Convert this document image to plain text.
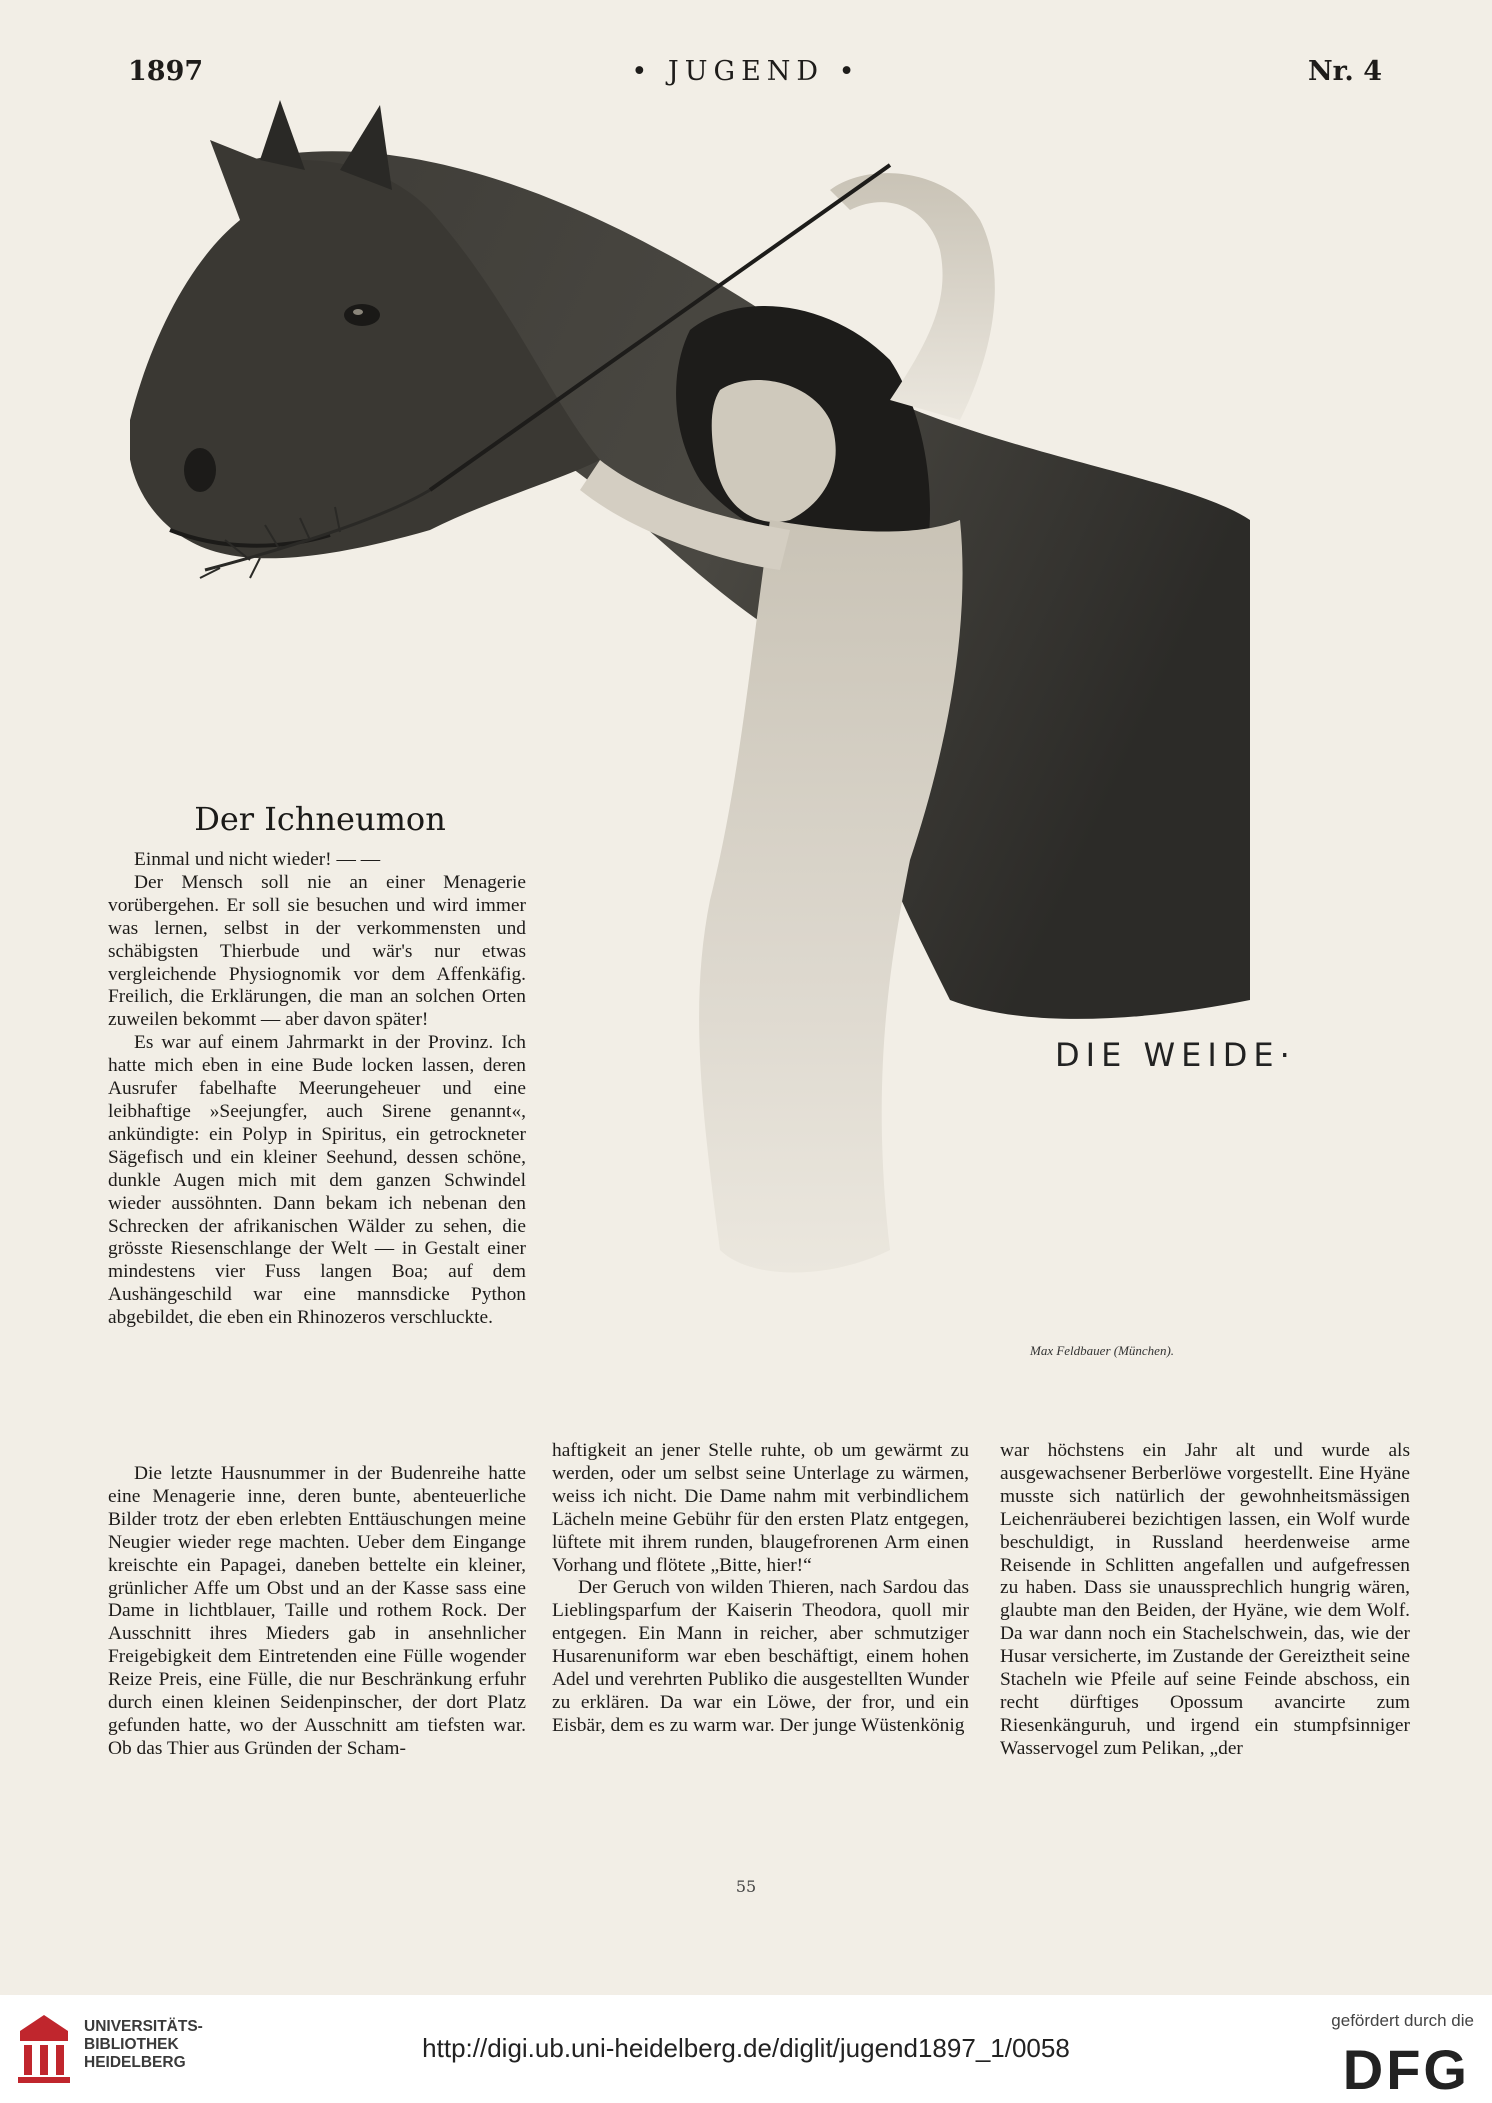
1897	• JUGEND •	Nr. 4
DIE WEIDE·
Max Feldbauer (München).
Der Ichneumon

Einmal und nicht wieder! — —

Der Mensch soll nie an einer Menagerie vorübergehen. Er soll sie besuchen und wird immer was lernen, selbst in der verkommensten und schäbigsten Thierbude und wär's nur etwas vergleichende Physiognomik vor dem Affenkäfig. Freilich, die Erklärungen, die man an solchen Orten zuweilen bekommt — aber davon später!

Es war auf einem Jahrmarkt in der Provinz. Ich hatte mich eben in eine Bude locken lassen, deren Ausrufer fabelhafte Meerungeheuer und eine leibhaftige »Seejungfer, auch Sirene genannt«, ankündigte: ein Polyp in Spiritus, ein getrockneter Sägefisch und ein kleiner Seehund, dessen schöne, dunkle Augen mich mit dem ganzen Schwindel wieder aussöhnten. Dann bekam ich nebenan den Schrecken der afrikanischen Wälder zu sehen, die grösste Riesenschlange der Welt — in Gestalt einer mindestens vier Fuss langen Boa; auf dem Aushängeschild war eine mannsdicke Python abgebildet, die eben ein Rhinozeros verschluckte.

Die letzte Hausnummer in der Budenreihe hatte eine Menagerie inne, deren bunte, abenteuerliche Bilder trotz der eben erlebten Enttäuschungen meine Neugier wieder rege machten. Ueber dem Eingange kreischte ein Papagei, daneben bettelte ein kleiner, grünlicher Affe um Obst und an der Kasse sass eine Dame in lichtblauer, Taille und rothem Rock. Der Ausschnitt ihres Mieders gab in ansehnlicher Freigebigkeit dem Eintretenden eine Fülle wogender Reize Preis, eine Fülle, die nur Beschränkung erfuhr durch einen kleinen Seidenpinscher, der dort Platz gefunden hatte, wo der Ausschnitt am tiefsten war. Ob das Thier aus Gründen der Scham-

haftigkeit an jener Stelle ruhte, ob um gewärmt zu werden, oder um selbst seine Unterlage zu wärmen, weiss ich nicht. Die Dame nahm mit verbindlichem Lächeln meine Gebühr für den ersten Platz entgegen, lüftete mit ihrem runden, blaugefrorenen Arm einen Vorhang und flötete „Bitte, hier!“

Der Geruch von wilden Thieren, nach Sardou das Lieblingsparfum der Kaiserin Theodora, quoll mir entgegen. Ein Mann in reicher, aber schmutziger Husarenuniform war eben beschäftigt, einem hohen Adel und verehrten Publiko die ausgestellten Wunder zu erklären. Da war ein Löwe, der fror, und ein Eisbär, dem es zu warm war. Der junge Wüstenkönig

war höchstens ein Jahr alt und wurde als ausgewachsener Berberlöwe vorgestellt. Eine Hyäne musste sich natürlich der gewohnheitsmässigen Leichenräuberei bezichtigen lassen, ein Wolf wurde beschuldigt, in Russland heerdenweise arme Reisende in Schlitten angefallen und aufgefressen zu haben. Dass sie unaussprechlich hungrig wären, glaubte man den Beiden, der Hyäne, wie dem Wolf. Da war dann noch ein Stachelschwein, das, wie der Husar versicherte, im Zustande der Gereiztheit seine Stacheln wie Pfeile auf seine Feinde abschoss, ein recht dürftiges Opossum avancirte zum Riesenkänguruh, und irgend ein stumpfsinniger Wasservogel zum Pelikan, „der

55
UNIVERSITÄTS-
BIBLIOTHEK
HEIDELBERG	http://digi.ub.uni-heidelberg.de/diglit/jugend1897_1/0058
gefördert durch die
DFG
